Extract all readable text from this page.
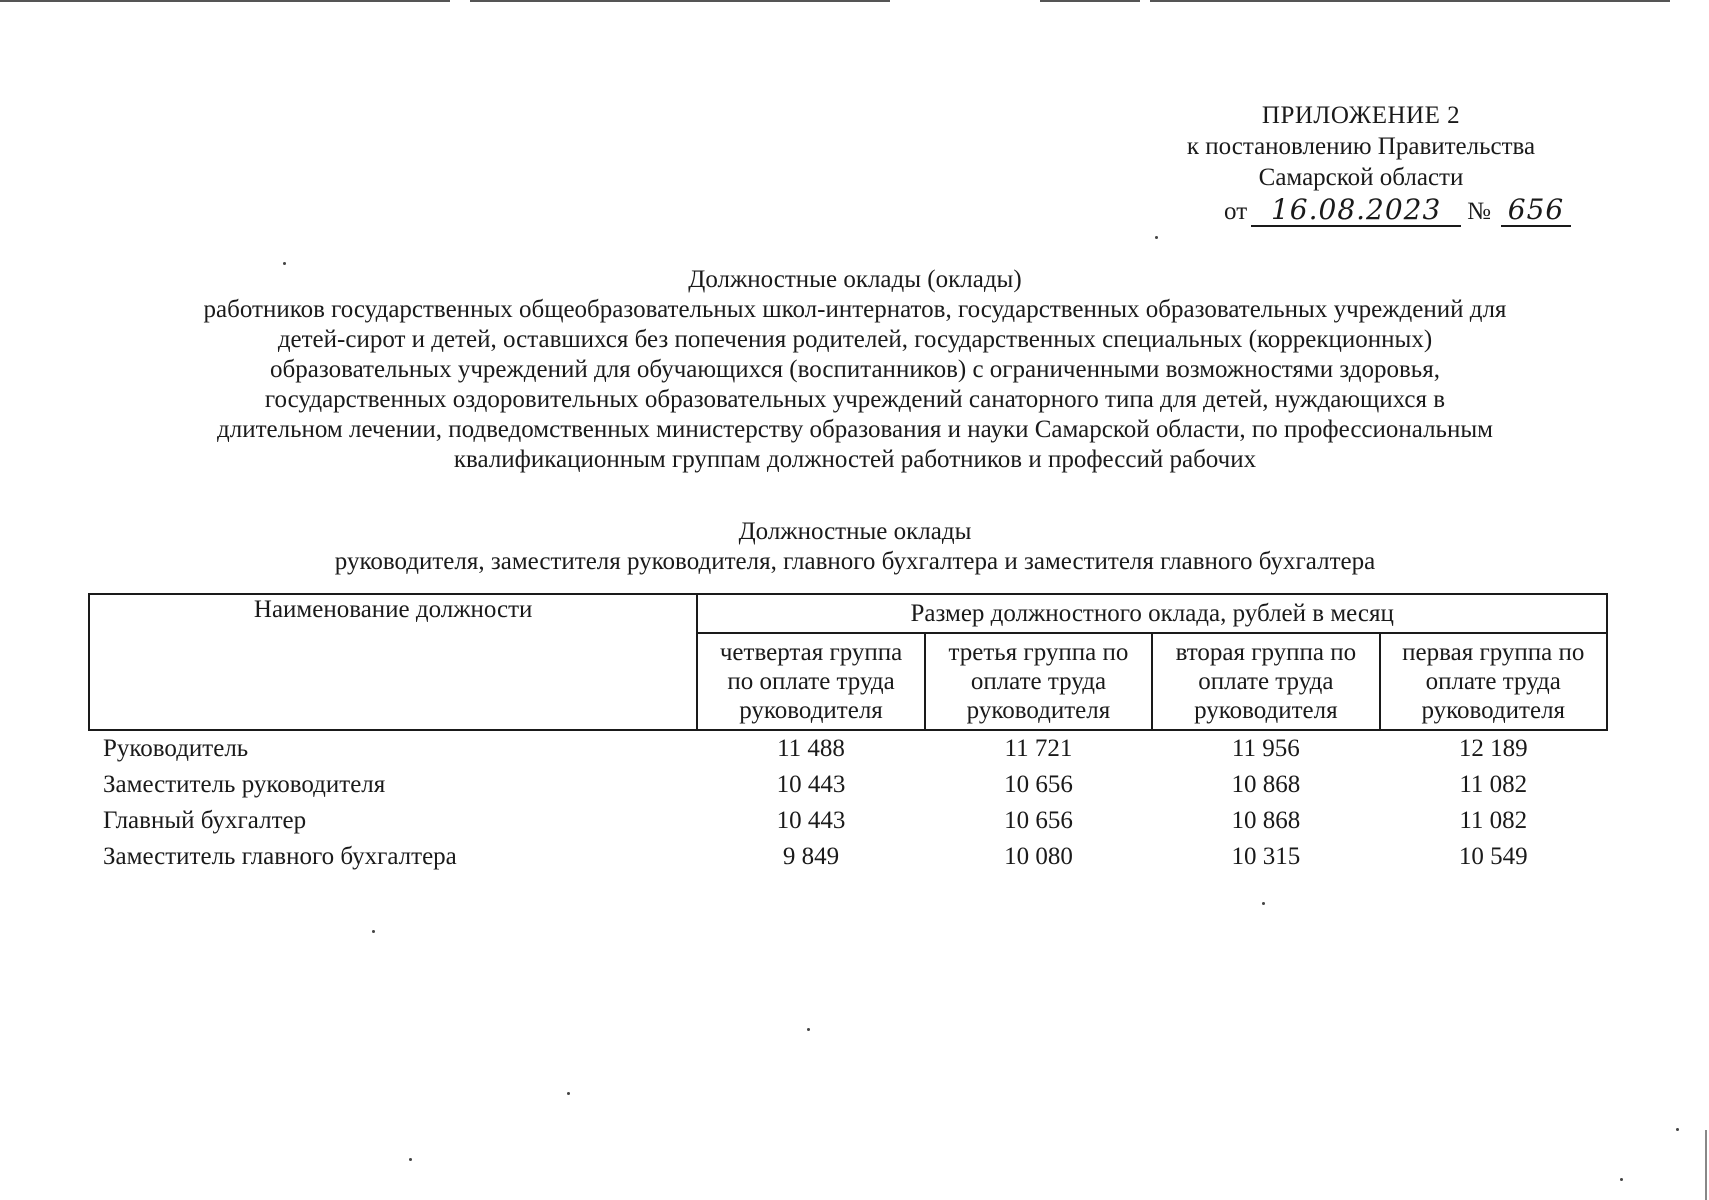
ПРИЛОЖЕНИЕ 2
к постановлению Правительства
Самарской области
от 16.08.2023	№ 656
Должностные оклады (оклады)
работников государственных общеобразовательных школ-интернатов, государственных образовательных учреждений для
детей-сирот и детей, оставшихся без попечения родителей, государственных специальных (коррекционных)
образовательных учреждений для обучающихся (воспитанников) с ограниченными возможностями здоровья,
государственных оздоровительных образовательных учреждений санаторного типа для детей, нуждающихся в
длительном лечении, подведомственных министерству образования и науки Самарской области, по профессиональным
квалификационным группам должностей работников и профессий рабочих
Должностные оклады
руководителя, заместителя руководителя, главного бухгалтера и заместителя главного бухгалтера
Наименование должности	Размер должностного оклада, рублей в месяц			
	четвертая группа по оплате труда руководителя	третья группа по оплате труда руководителя	вторая группа по оплате труда руководителя	первая группа по оплате труда руководителя
Руководитель	11 488	11 721	11 956	12 189
Заместитель руководителя	10 443	10 656	10 868	11 082
Главный бухгалтер	10 443	10 656	10 868	11 082
Заместитель главного бухгалтера	9 849	10 080	10 315	10 549
